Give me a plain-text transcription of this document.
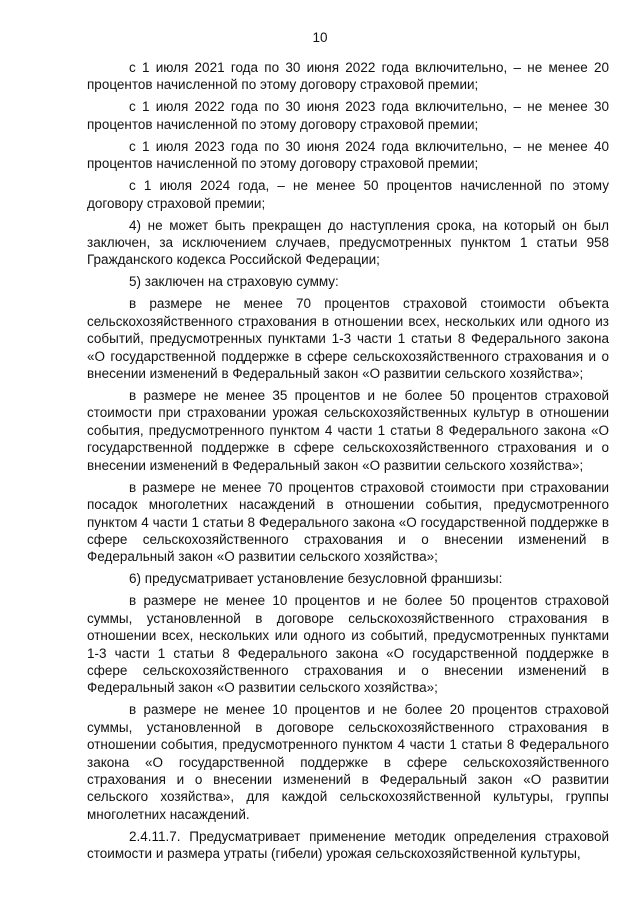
10

с 1 июля 2021 года по 30 июня 2022 года включительно, – не менее 20 процентов начисленной по этому договору страховой премии;

с 1 июля 2022 года по 30 июня 2023 года включительно, – не менее 30 процентов начисленной по этому договору страховой премии;

с 1 июля 2023 года по 30 июня 2024 года включительно, – не менее 40 процентов начисленной по этому договору страховой премии;

с 1 июля 2024 года, – не менее 50 процентов начисленной по этому договору страховой премии;

4) не может быть прекращен до наступления срока, на который он был заключен, за исключением случаев, предусмотренных пунктом 1 статьи 958 Гражданского кодекса Российской Федерации;

5) заключен на страховую сумму:

в размере не менее 70 процентов страховой стоимости объекта сельскохозяйственного страхования в отношении всех, нескольких или одного из событий, предусмотренных пунктами 1-3 части 1 статьи 8 Федерального закона «О государственной поддержке в сфере сельскохозяйственного страхования и о внесении изменений в Федеральный закон «О развитии сельского хозяйства»;

в размере не менее 35 процентов и не более 50 процентов страховой стоимости при страховании урожая сельскохозяйственных культур в отношении события, предусмотренного пунктом 4 части 1 статьи 8 Федерального закона «О государственной поддержке в сфере сельскохозяйственного страхования и о внесении изменений в Федеральный закон «О развитии сельского хозяйства»;

в размере не менее 70 процентов страховой стоимости при страховании посадок многолетних насаждений в отношении события, предусмотренного пунктом 4 части 1 статьи 8 Федерального закона «О государственной поддержке в сфере сельскохозяйственного страхования и о внесении изменений в Федеральный закон «О развитии сельского хозяйства»;

6) предусматривает установление безусловной франшизы:

в размере не менее 10 процентов и не более 50 процентов страховой суммы, установленной в договоре сельскохозяйственного страхования в отношении всех, нескольких или одного из событий, предусмотренных пунктами 1-3 части 1 статьи 8 Федерального закона «О государственной поддержке в сфере сельскохозяйственного страхования и о внесении изменений в Федеральный закон «О развитии сельского хозяйства»;

в размере не менее 10 процентов и не более 20 процентов страховой суммы, установленной в договоре сельскохозяйственного страхования в отношении события, предусмотренного пунктом 4 части 1 статьи 8 Федерального закона «О государственной поддержке в сфере сельскохозяйственного страхования и о внесении изменений в Федеральный закон «О развитии сельского хозяйства», для каждой сельскохозяйственной культуры, группы многолетних насаждений.

2.4.11.7. Предусматривает применение методик определения страховой стоимости и размера утраты (гибели) урожая сельскохозяйственной культуры,
